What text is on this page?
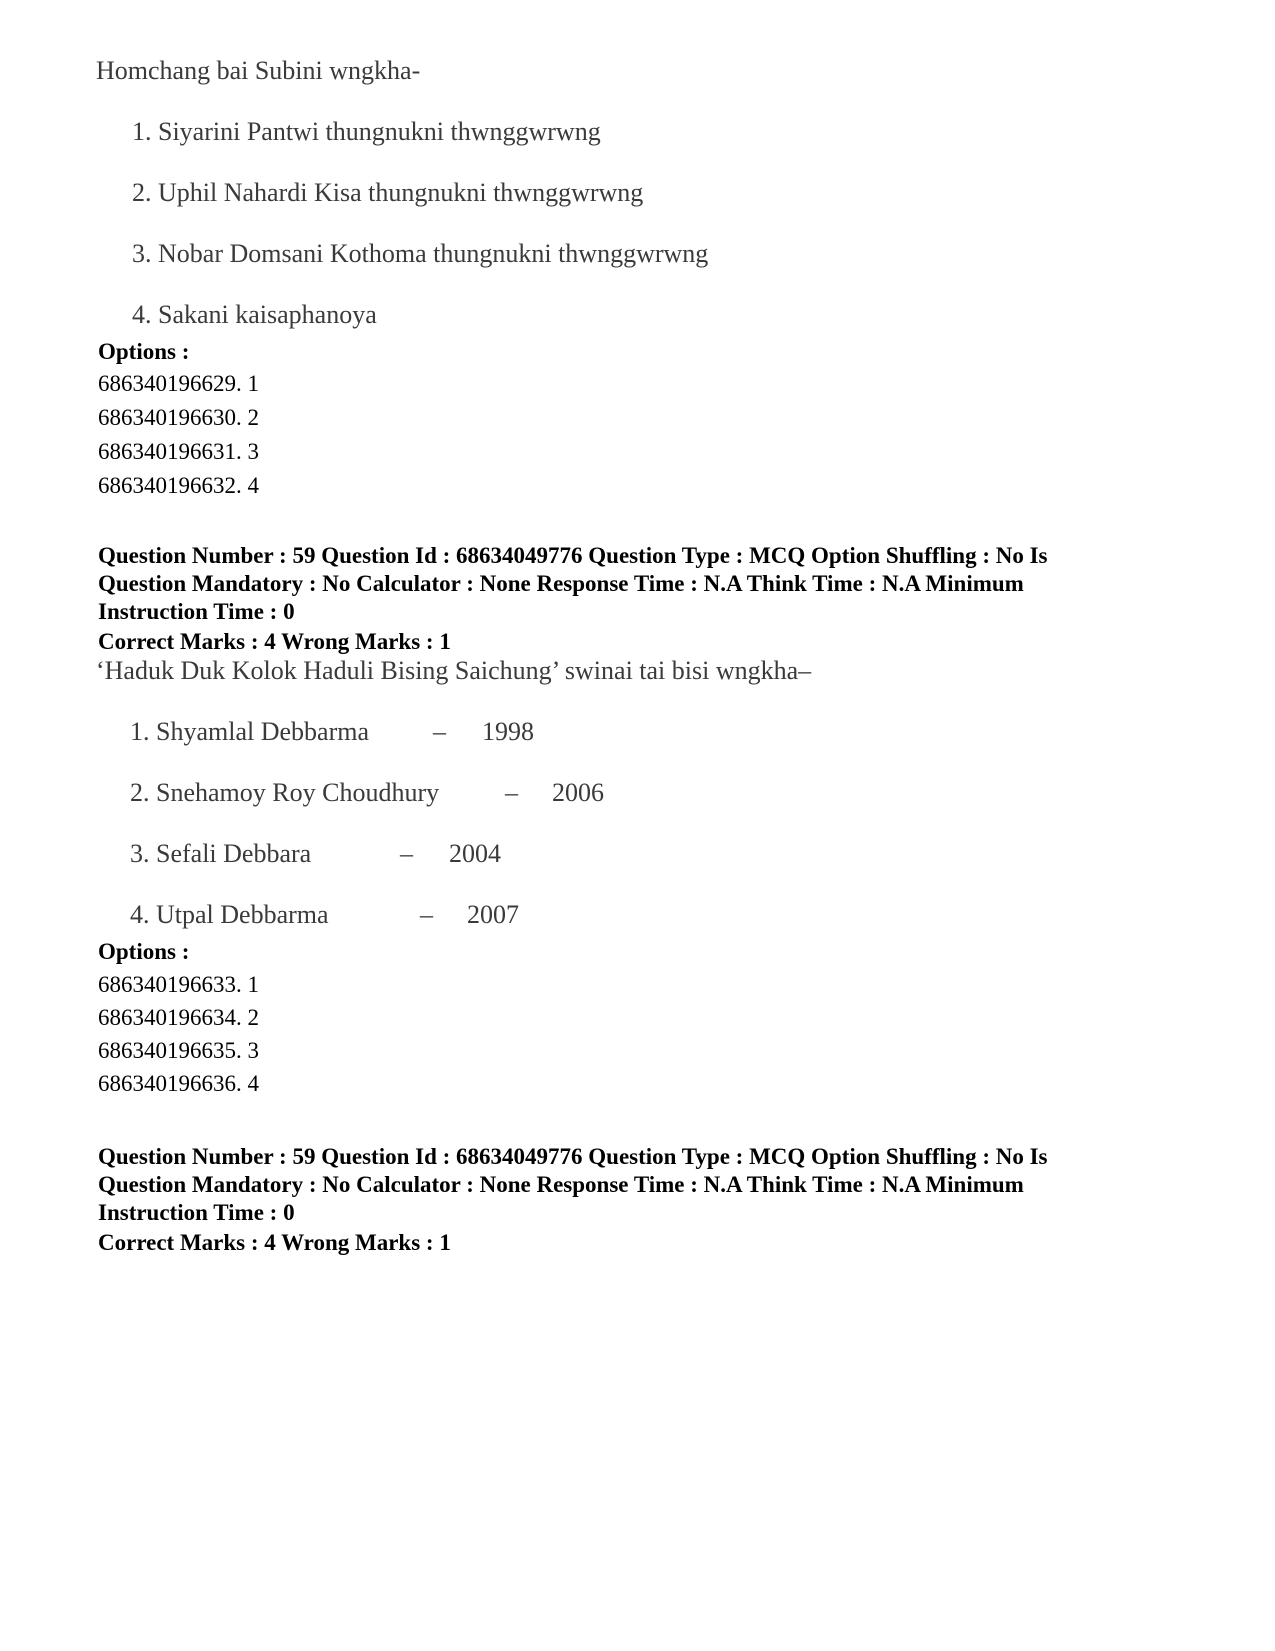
Homchang bai Subini wngkha-
1. Siyarini Pantwi thungnukni thwnggwrwng
2. Uphil Nahardi Kisa thungnukni thwnggwrwng
3. Nobar Domsani Kothoma thungnukni thwnggwrwng
4. Sakani kaisaphanoya
Options :
686340196629. 1
686340196630. 2
686340196631. 3
686340196632. 4
Question Number : 59 Question Id : 68634049776 Question Type : MCQ Option Shuffling : No Is
Question Mandatory : No Calculator : None Response Time : N.A Think Time : N.A Minimum
Instruction Time : 0
Correct Marks : 4 Wrong Marks : 1
‘Haduk Duk Kolok Haduli Bising Saichung’ swinai tai bisi wngkha–
1. Shyamlal Debbarma – 1998
2. Snehamoy Roy Choudhury	– 2006
3. Sefali Debbara	– 2004
4. Utpal Debbarma	– 2007
Options :
686340196633. 1
686340196634. 2
686340196635. 3
686340196636. 4
Question Number : 59 Question Id : 68634049776 Question Type : MCQ Option Shuffling : No Is
Question Mandatory : No Calculator : None Response Time : N.A Think Time : N.A Minimum
Instruction Time : 0
Correct Marks : 4 Wrong Marks : 1
